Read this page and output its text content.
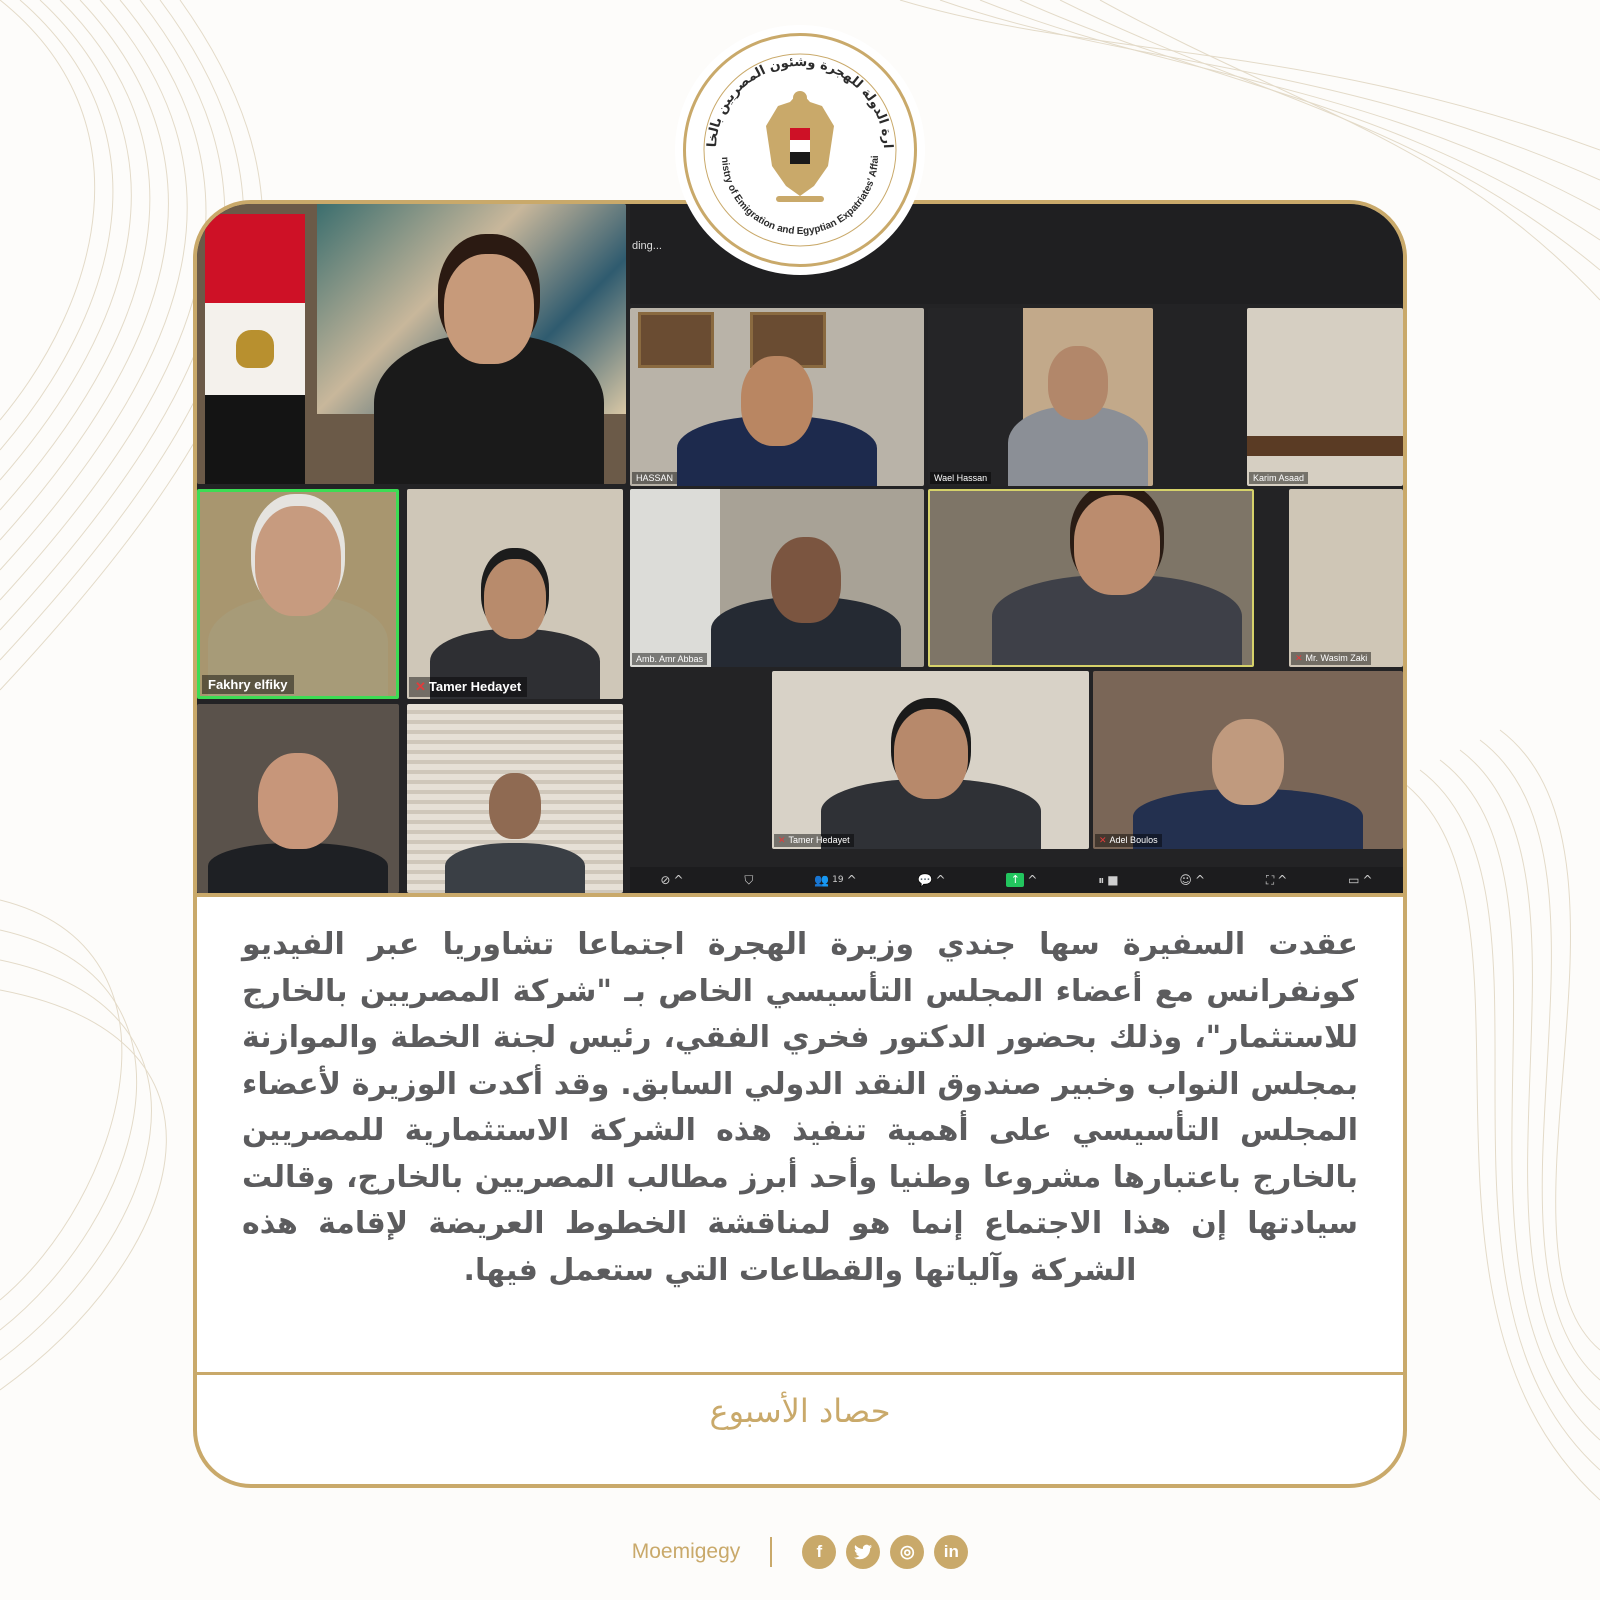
ding...
HASSAN	Wael Hassan	Karim Asaad
Fakhry elfiky	✕ Tamer Hedayet
Amb. Amr Abbas	✕ Mr. Wasim Zaki
✕ Tamer Hedayet	✕ Adel Boulos
⊘ ^	⛉	👥 19 ^	💬 ^	↑ ^	⏸ ■	☺ ^	⛶ ^	▭ ^
عقدت السفيرة سها جندي وزيرة الهجرة اجتماعا تشاوريا عبر الفيديو كونفرانس مع أعضاء المجلس التأسيسي الخاص بـ "شركة المصريين بالخارج للاستثمار"، وذلك بحضور الدكتور فخري الفقي، رئيس لجنة الخطة والموازنة بمجلس النواب وخبير صندوق النقد الدولي السابق. وقد أكدت الوزيرة لأعضاء المجلس التأسيسي على أهمية تنفيذ هذه الشركة الاستثمارية للمصريين بالخارج باعتبارها مشروعا وطنيا وأحد أبرز مطالب المصريين بالخارج، وقالت سيادتها إن هذا الاجتماع إنما هو لمناقشة الخطوط العريضة لإقامة هذه الشركة وآلياتها والقطاعات التي ستعمل فيها.
حصاد الأسبوع
ارة الدولة للهجرة وشئون المصريين بالخا
nistry of Emigration and Egyptian Expatriates' Affai
Moemigegy	f	◎	in
